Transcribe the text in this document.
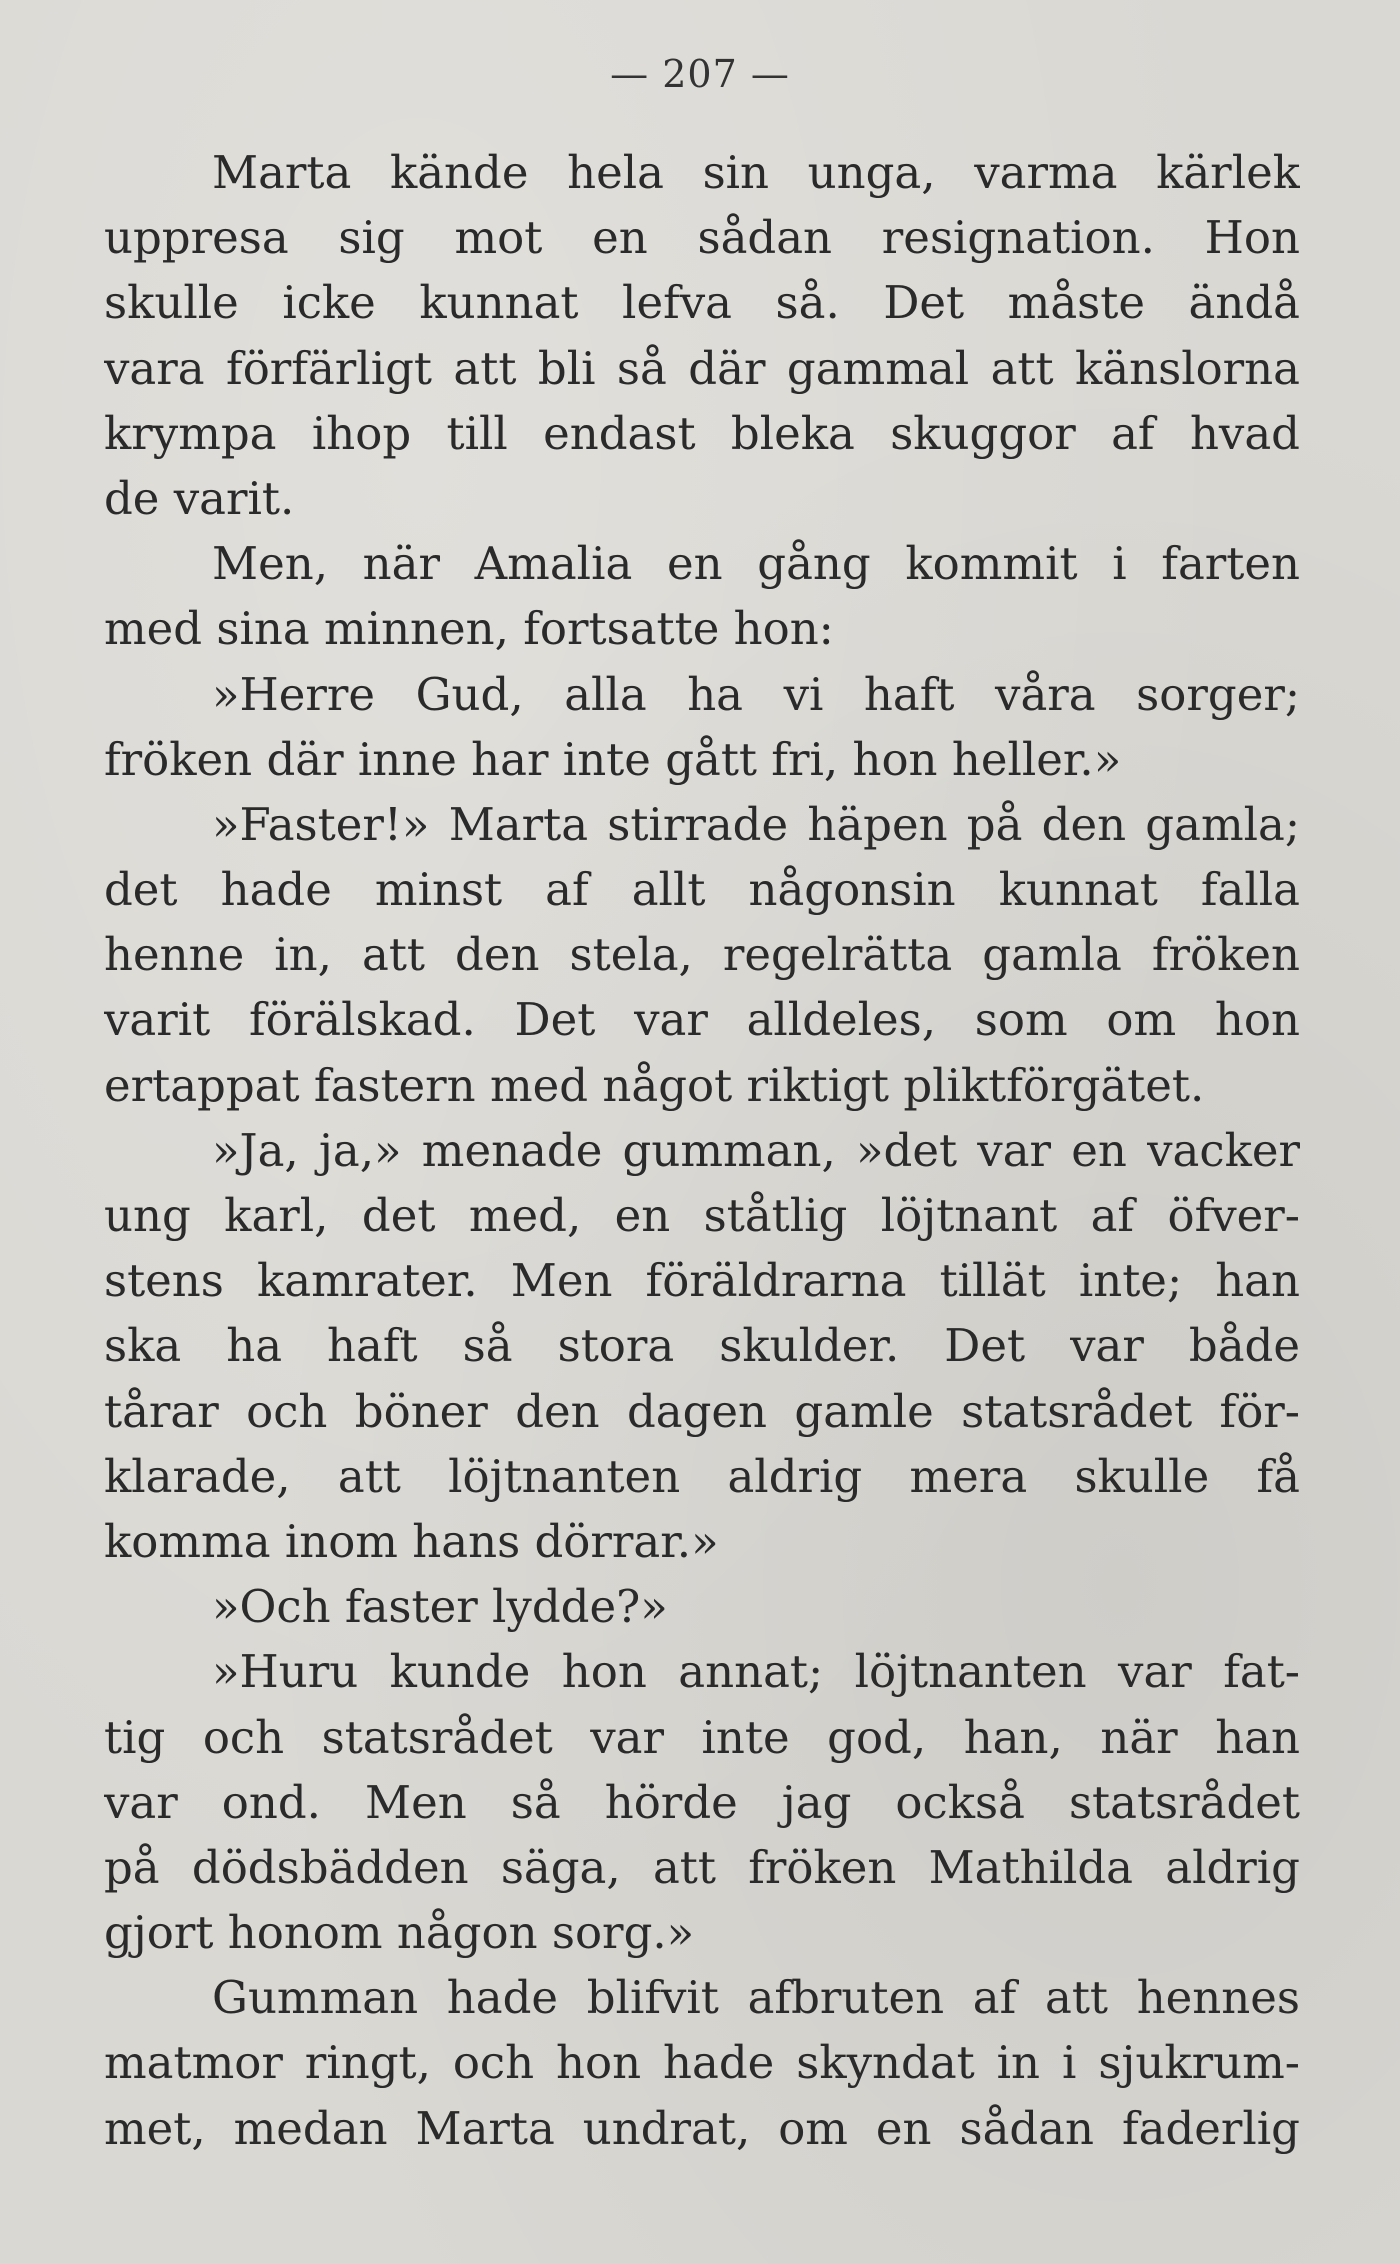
— 207 —
Marta kände hela sin unga, varma kärlek
uppresa sig mot en sådan resignation. Hon
skulle icke kunnat lefva så. Det måste ändå
vara förfärligt att bli så där gammal att känslorna
krympa ihop till endast bleka skuggor af hvad
de varit.
Men, när Amalia en gång kommit i farten
med sina minnen, fortsatte hon:
»Herre Gud, alla ha vi haft våra sorger;
fröken där inne har inte gått fri, hon heller.»
»Faster!» Marta stirrade häpen på den gamla;
det hade minst af allt någonsin kunnat falla
henne in, att den stela, regelrätta gamla fröken
varit förälskad. Det var alldeles, som om hon
ertappat fastern med något riktigt pliktförgätet.
»Ja, ja,» menade gumman, »det var en vacker
ung karl, det med, en ståtlig löjtnant af öfver-
stens kamrater. Men föräldrarna tillät inte; han
ska ha haft så stora skulder. Det var både
tårar och böner den dagen gamle statsrådet för-
klarade, att löjtnanten aldrig mera skulle få
komma inom hans dörrar.»
»Och faster lydde?»
»Huru kunde hon annat; löjtnanten var fat-
tig och statsrådet var inte god, han, när han
var ond. Men så hörde jag också statsrådet
på dödsbädden säga, att fröken Mathilda aldrig
gjort honom någon sorg.»
Gumman hade blifvit afbruten af att hennes
matmor ringt, och hon hade skyndat in i sjukrum-
met, medan Marta undrat, om en sådan faderlig
